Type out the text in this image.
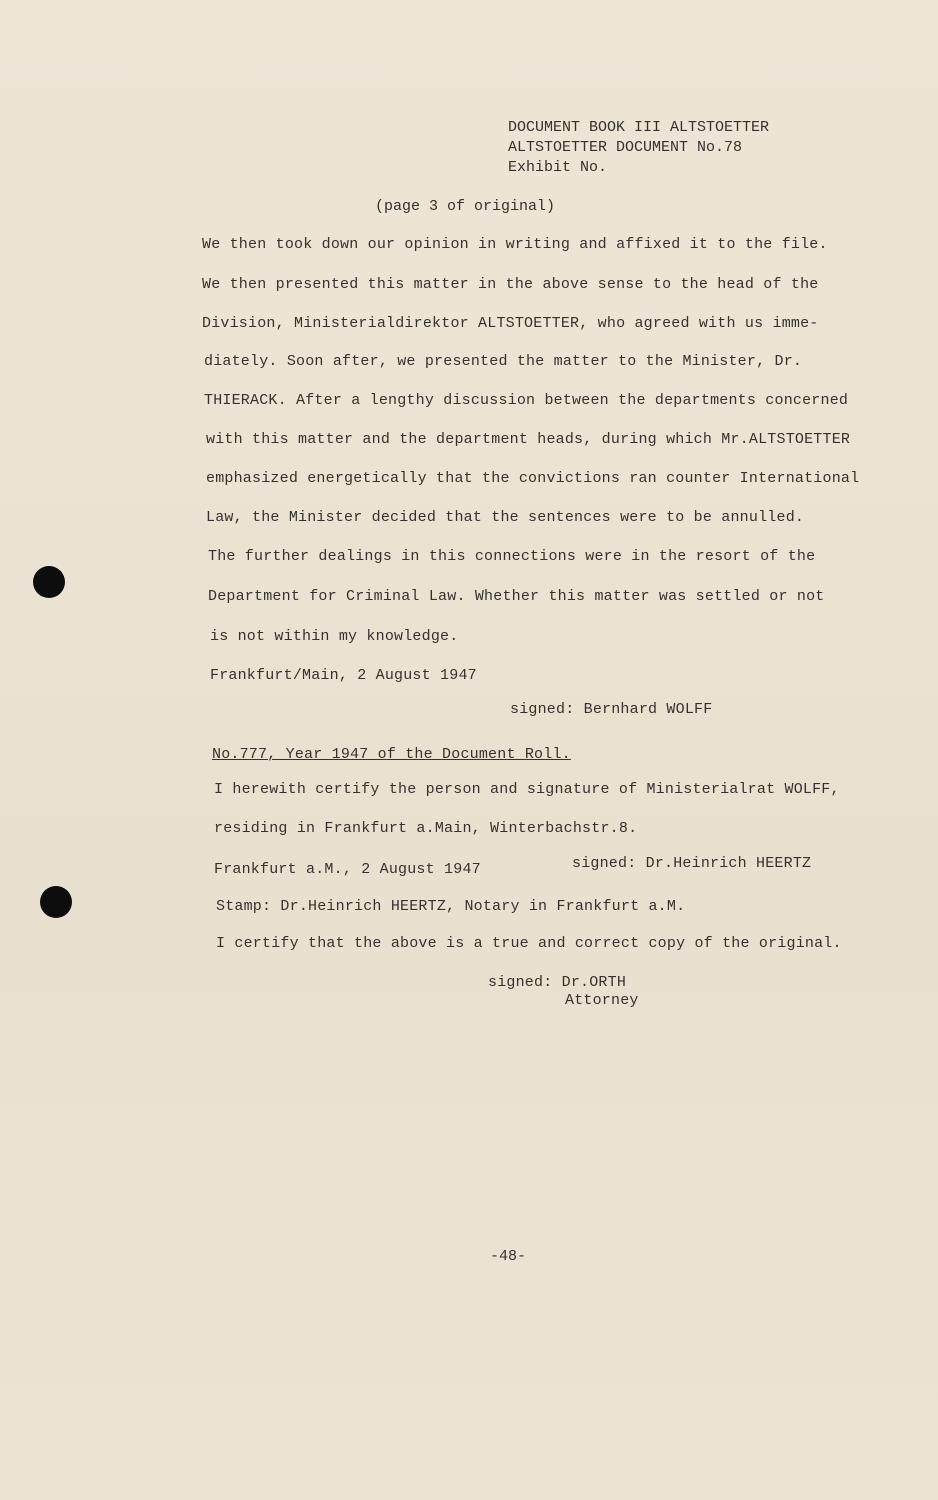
DOCUMENT BOOK III ALTSTOETTER
ALTSTOETTER DOCUMENT No.78
Exhibit No.
(page 3 of original)
We then took down our opinion in writing and affixed it to the file.
We then presented this matter in the above sense to the head of the
Division, Ministerialdirektor ALTSTOETTER, who agreed with us imme-
diately. Soon after, we presented the matter to the Minister, Dr.
THIERACK. After a lengthy discussion between the departments concerned
with this matter and the department heads, during which Mr.ALTSTOETTER
emphasized energetically that the convictions ran counter International
Law, the Minister decided that the sentences were to be annulled.
The further dealings in this connections were in the resort of the
Department for Criminal Law. Whether this matter was settled or not
is not within my knowledge.
Frankfurt/Main, 2 August 1947
signed: Bernhard WOLFF
No.777, Year 1947 of the Document Roll.
I herewith certify the person and signature of Ministerialrat WOLFF,
residing in Frankfurt a.Main, Winterbachstr.8.
Frankfurt a.M., 2 August 1947	signed: Dr.Heinrich HEERTZ
Stamp: Dr.Heinrich HEERTZ, Notary in Frankfurt a.M.
I certify that the above is a true and correct copy of the original.
signed: Dr.ORTH
Attorney
-48-
